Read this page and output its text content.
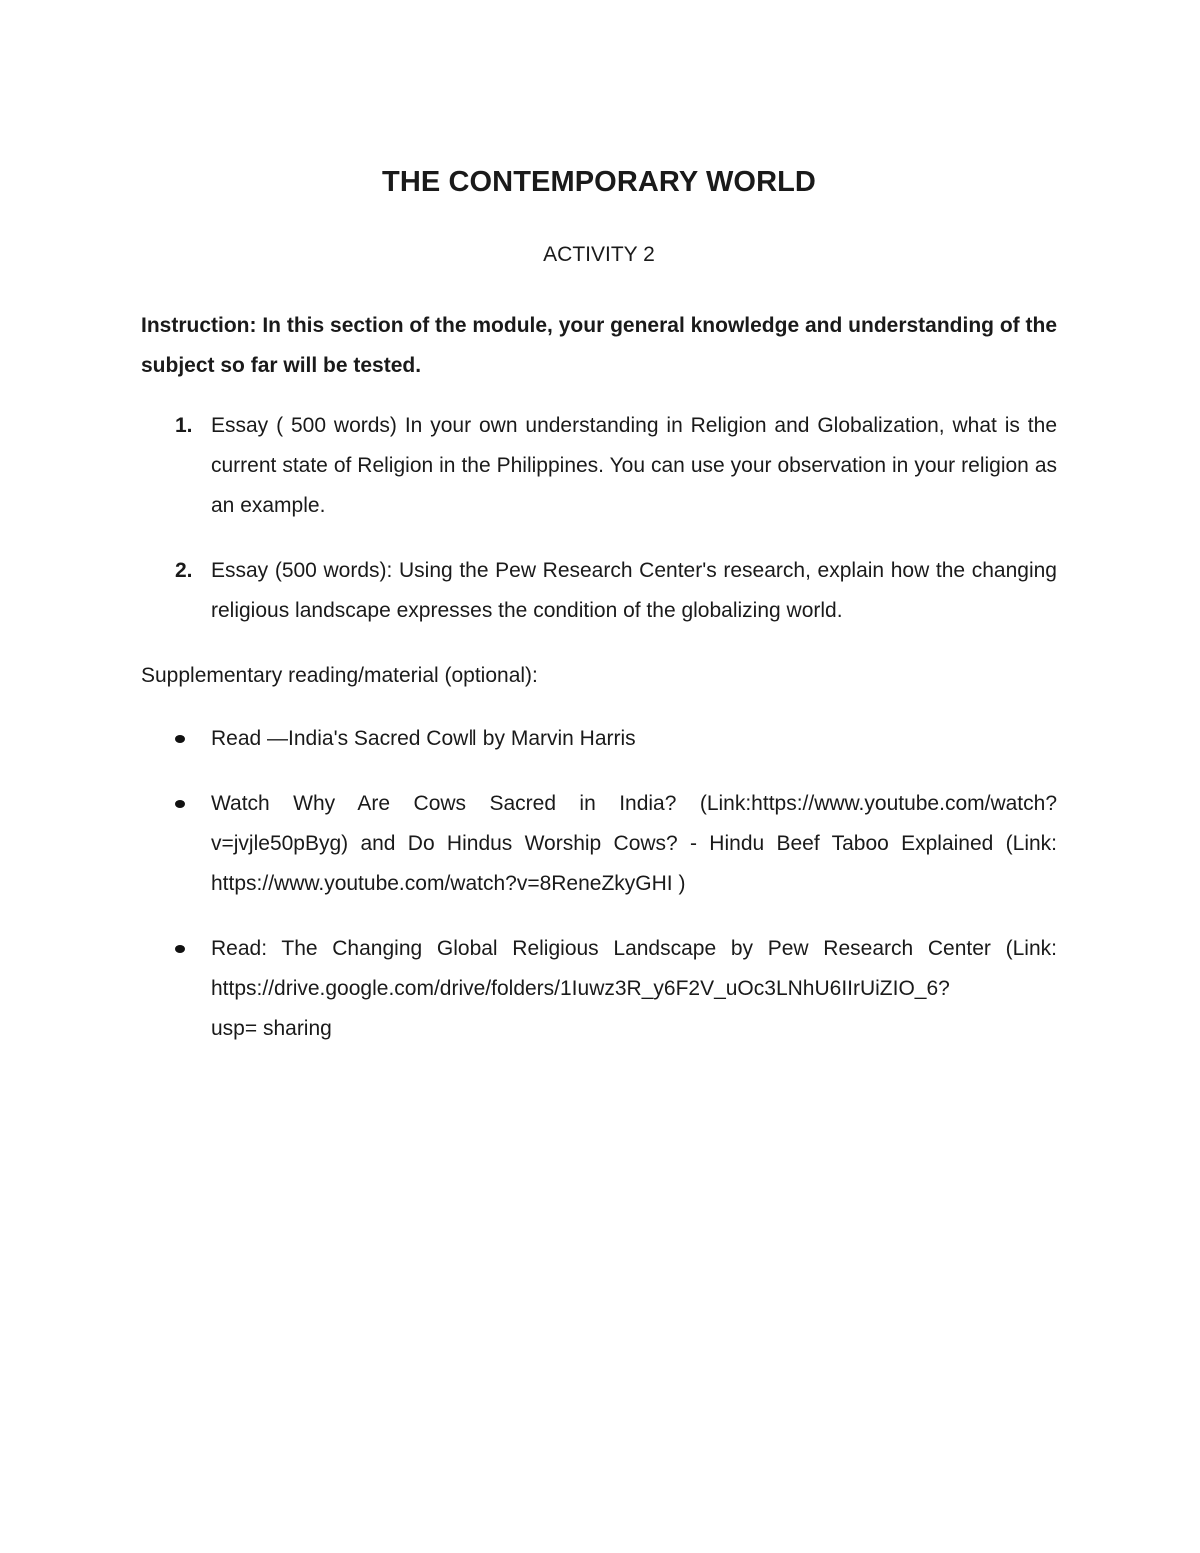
THE CONTEMPORARY WORLD
ACTIVITY 2

Instruction: In this section of the module, your general knowledge and understanding of the subject so far will be tested.

1. Essay ( 500 words) In your own understanding in Religion and Globalization, what is the current state of Religion in the Philippines. You can use your observation in your religion as an example.
2. Essay (500 words): Using the Pew Research Center's research, explain how the changing religious landscape expresses the condition of the globalizing world.

Supplementary reading/material (optional):

Read ―India's Sacred Cow‖ by Marvin Harris
Watch Why Are Cows Sacred in India? (Link:https://www.youtube.com/watch?v=jvjle50pByg) and Do Hindus Worship Cows? - Hindu Beef Taboo Explained (Link: https://www.youtube.com/watch?v=8ReneZkyGHI )
Read: The Changing Global Religious Landscape by Pew Research Center (Link:
https://drive.google.com/drive/folders/1Iuwz3R_y6F2V_uOc3LNhU6IIrUiZIO_6?
usp= sharing
